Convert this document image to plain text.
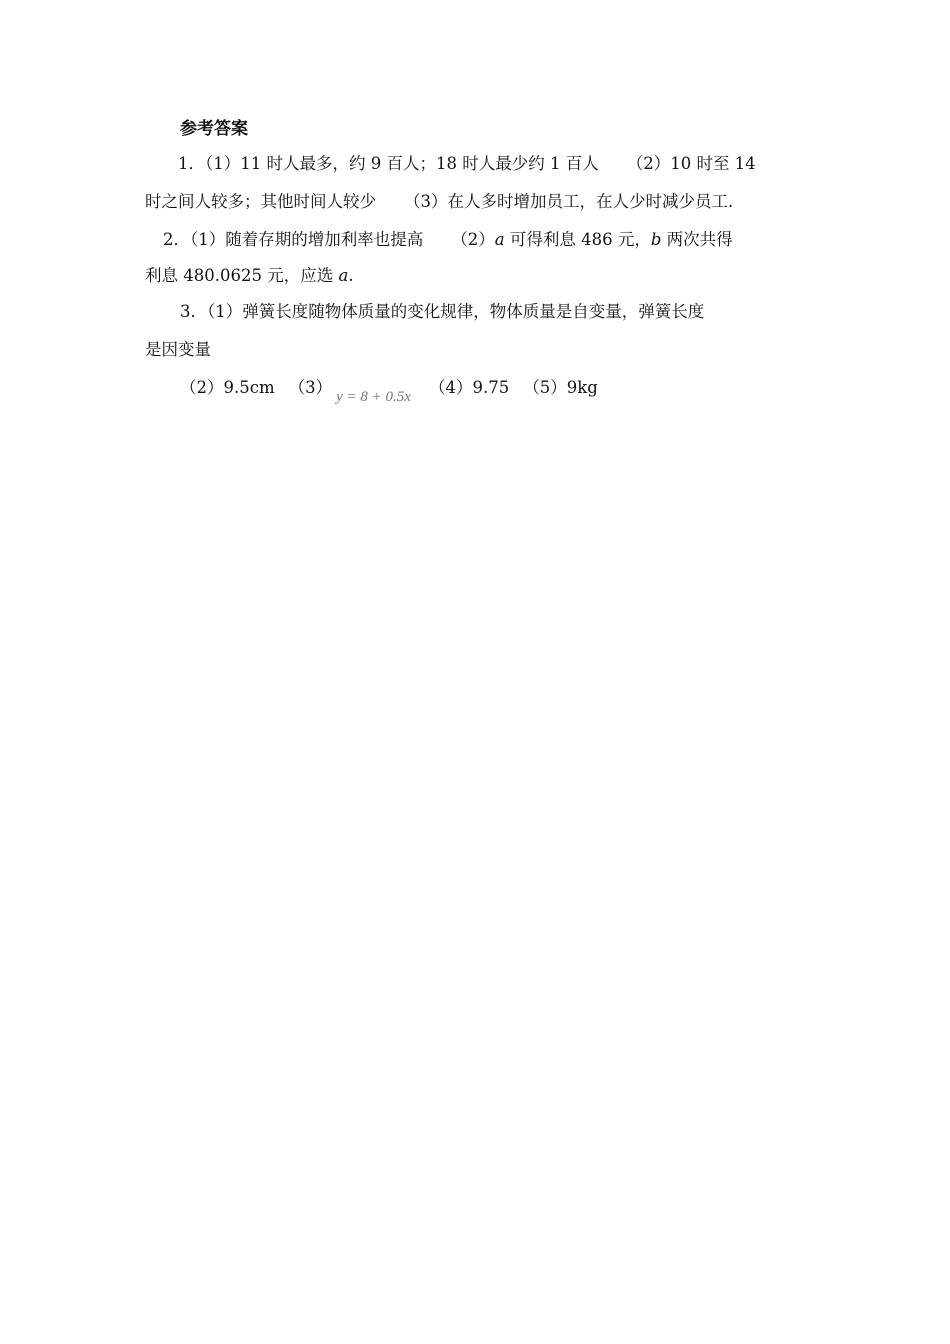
参考答案
1．（1）11 时人最多，约 9 百人；18 时人最少约 1 百人 （2）10 时至 14
时之间人较多；其他时间人较少 （3）在人多时增加员工，在人少时减少员工.
2．（1）随着存期的增加利率也提高 （2）a 可得利息 486 元，b 两次共得
利息 480.0625 元，应选 a.
3．（1）弹簧长度随物体质量的变化规律，物体质量是自变量，弹簧长度
是因变量
（2）9.5cm （3） y = 8 + 0.5x （4）9.75 （5）9kg
